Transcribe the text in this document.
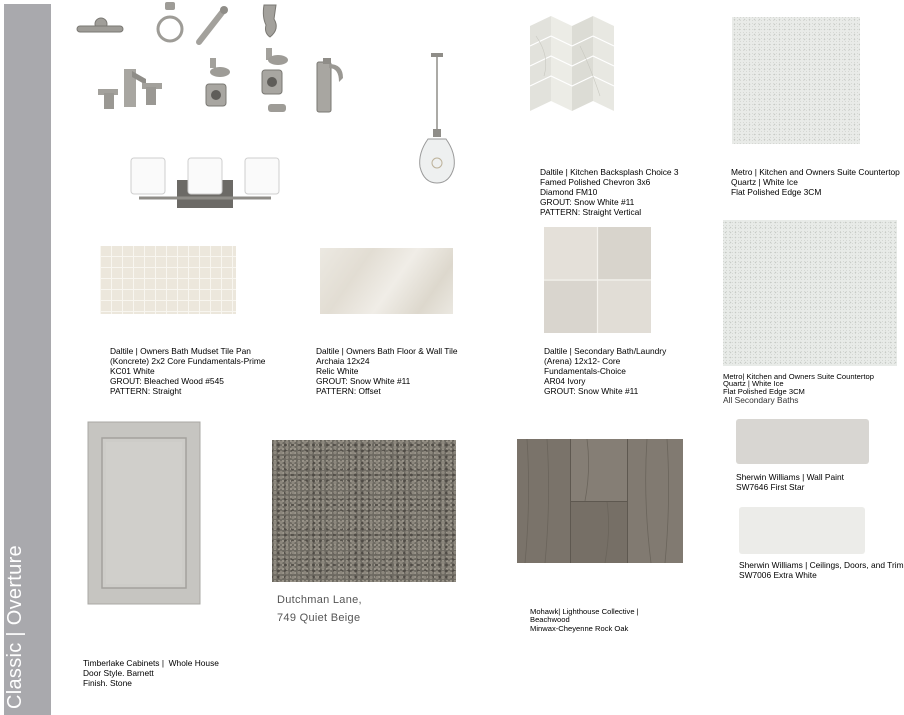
Classic | Overture
Daltile | Kitchen Backsplash Choice 3
Famed Polished Chevron 3x6
Diamond FM10
GROUT: Snow White #11
PATTERN: Straight Vertical
Metro | Kitchen and Owners Suite Countertop
Quartz | White Ice
Flat Polished Edge 3CM
Daltile | Owners Bath Mudset Tile Pan
(Koncrete) 2x2 Core Fundamentals-Prime
KC01 White
GROUT: Bleached Wood #545
PATTERN: Straight
Daltile | Owners Bath Floor & Wall Tile
Archaia 12x24
Relic White
GROUT: Snow White #11
PATTERN: Offset
Daltile | Secondary Bath/Laundry
(Arena) 12x12- Core
Fundamentals-Choice
AR04 Ivory
GROUT: Snow White #11
Metro| Kitchen and Owners Suite Countertop
Quartz | White Ice
Flat Polished Edge 3CM
All Secondary Baths
Sherwin Williams | Wall Paint
SW7646 First Star
Sherwin Williams | Ceilings, Doors, and Trim
SW7006 Extra White
Timberlake Cabinets |  Whole House
Door Style. Barnett
Finish. Stone
Dutchman Lane,
749 Quiet Beige
Mohawk| Lighthouse Collective |
Beachwood
Minwax-Cheyenne Rock Oak
